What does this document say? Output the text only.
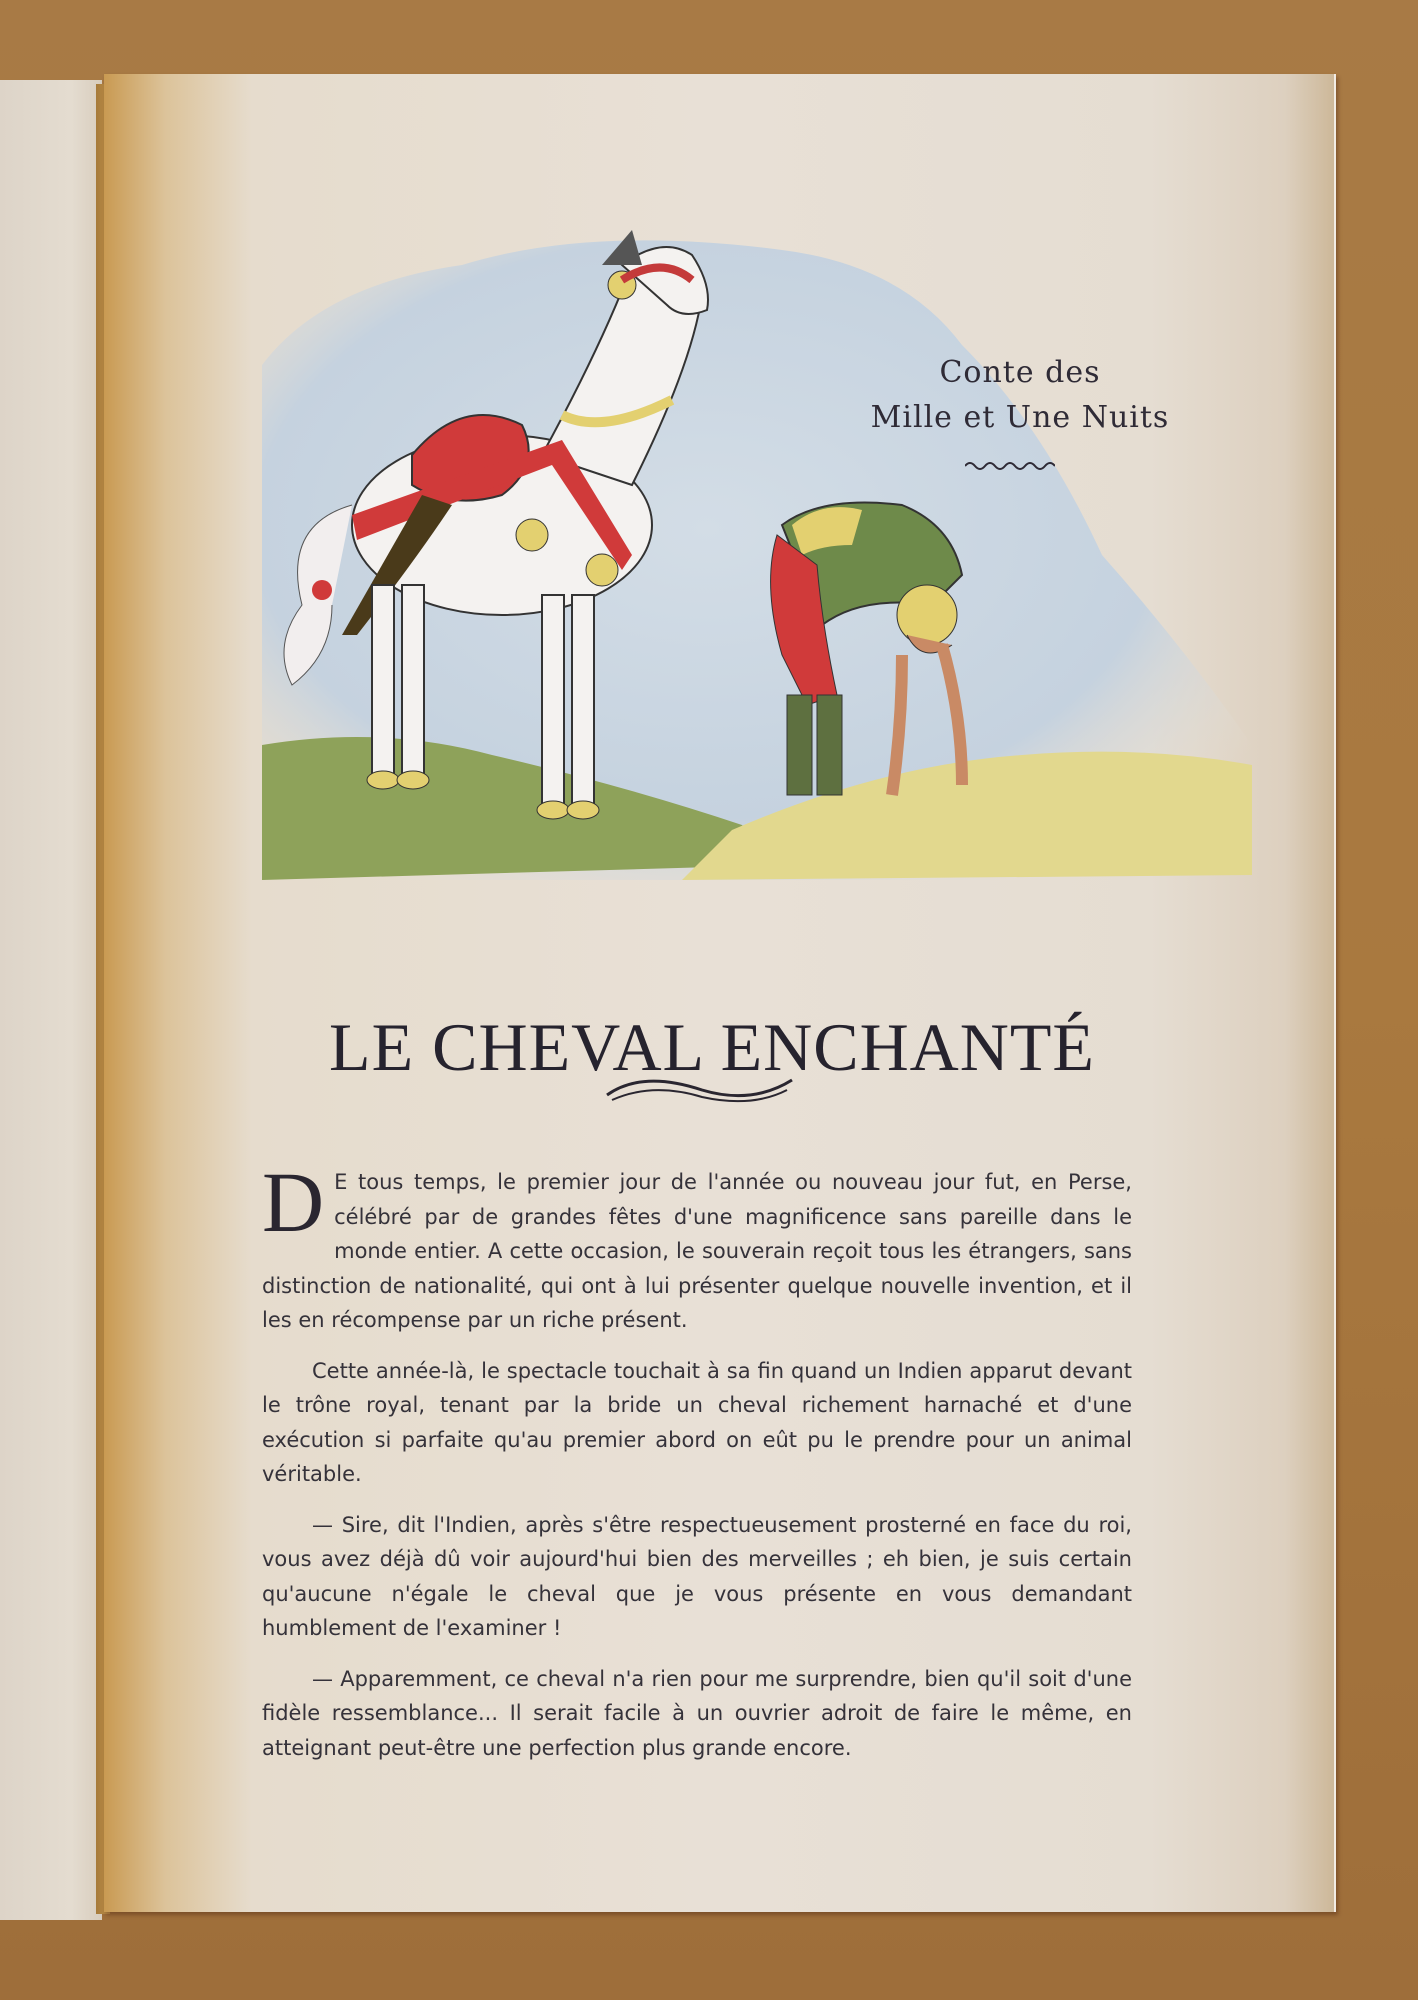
Conte des
Mille et Une Nuits
LE CHEVAL ENCHANTÉ

D E tous temps, le premier jour de l'année ou nouveau jour fut, en Perse, célébré par de grandes fêtes d'une magnificence sans pareille dans le monde entier. A cette occasion, le souverain reçoit tous les étrangers, sans distinction de nationalité, qui ont à lui présenter quelque nouvelle invention, et il les en récompense par un riche présent.

Cette année-là, le spectacle touchait à sa fin quand un Indien apparut devant le trône royal, tenant par la bride un cheval richement harnaché et d'une exécution si parfaite qu'au premier abord on eût pu le prendre pour un animal véritable.

— Sire, dit l'Indien, après s'être respectueusement prosterné en face du roi, vous avez déjà dû voir aujourd'hui bien des merveilles ; eh bien, je suis certain qu'aucune n'égale le cheval que je vous présente en vous demandant humblement de l'examiner !

— Apparemment, ce cheval n'a rien pour me surprendre, bien qu'il soit d'une fidèle ressemblance... Il serait facile à un ouvrier adroit de faire le même, en atteignant peut-être une perfection plus grande encore.
